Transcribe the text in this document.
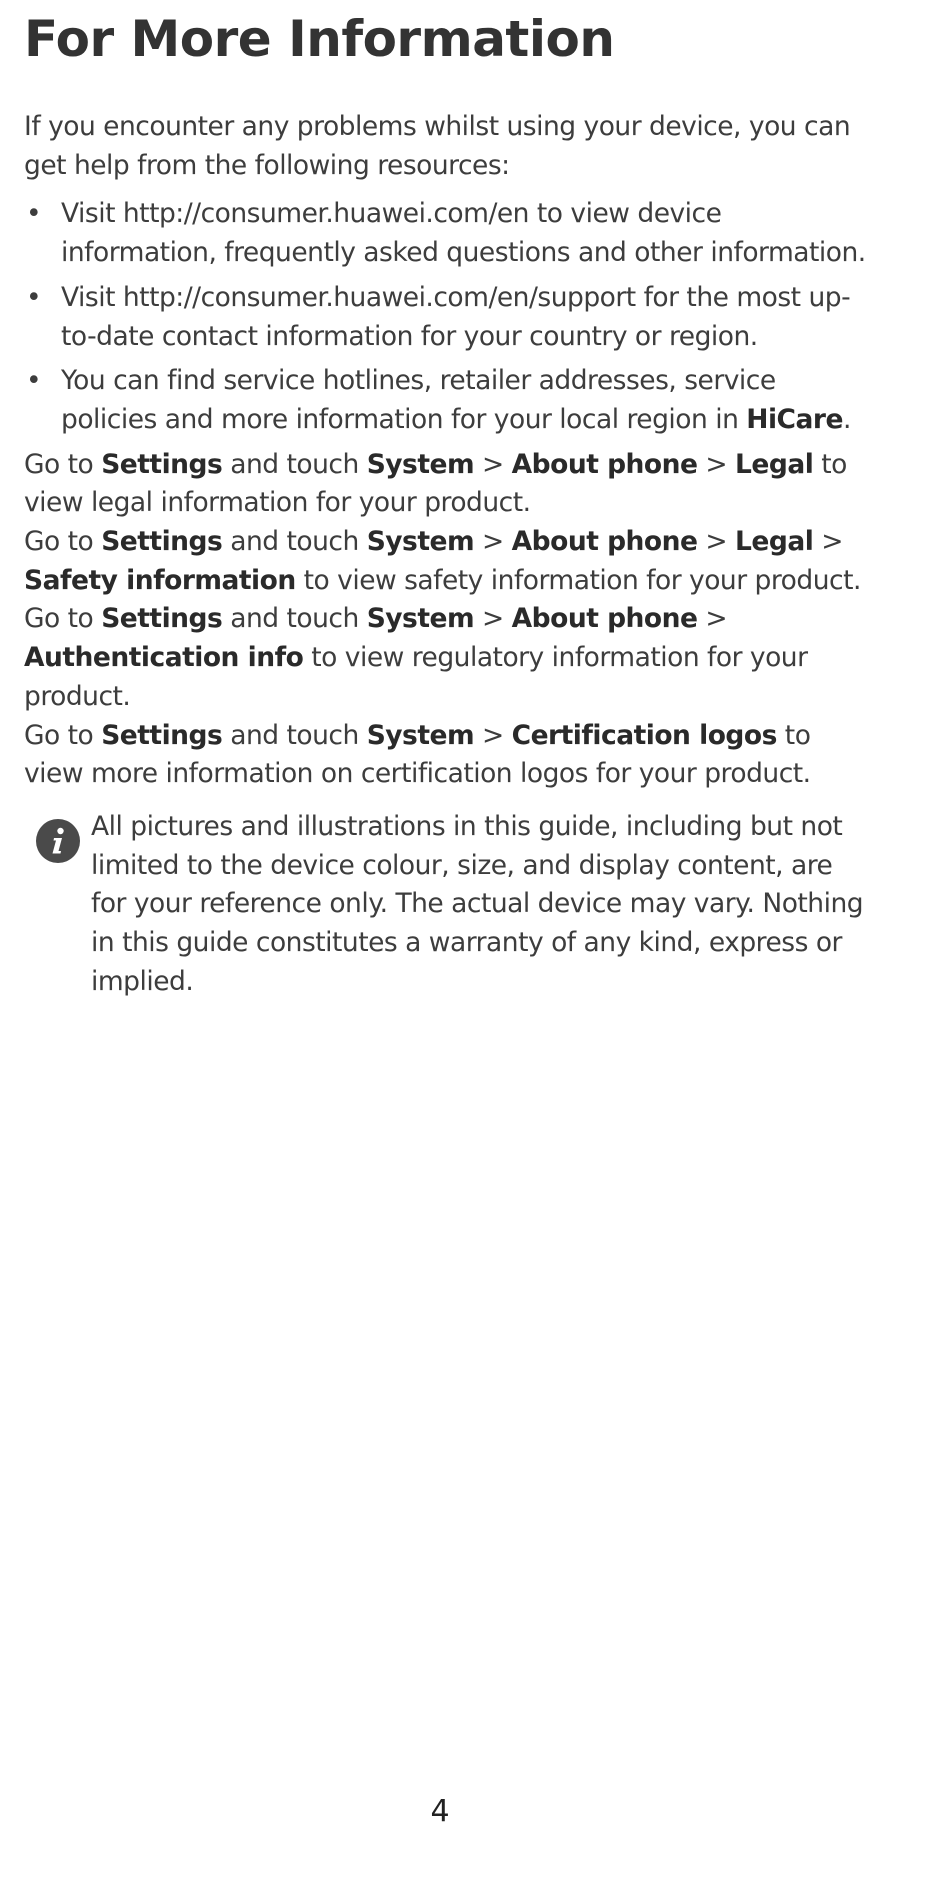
For More Information

If you encounter any problems whilst using your device, you can get help from the following resources:

• Visit http://consumer.huawei.com/en to view device information, frequently asked questions and other information.
• Visit http://consumer.huawei.com/en/support for the most up-to-date contact information for your country or region.
• You can find service hotlines, retailer addresses, service policies and more information for your local region in HiCare.

Go to Settings and touch System > About phone > Legal to view legal information for your product.

Go to Settings and touch System > About phone > Legal > Safety information to view safety information for your product.

Go to Settings and touch System > About phone > Authentication info to view regulatory information for your product.

Go to Settings and touch System > Certification logos to view more information on certification logos for your product.

All pictures and illustrations in this guide, including but not limited to the device colour, size, and display content, are for your reference only. The actual device may vary. Nothing in this guide constitutes a warranty of any kind, express or implied.

4
